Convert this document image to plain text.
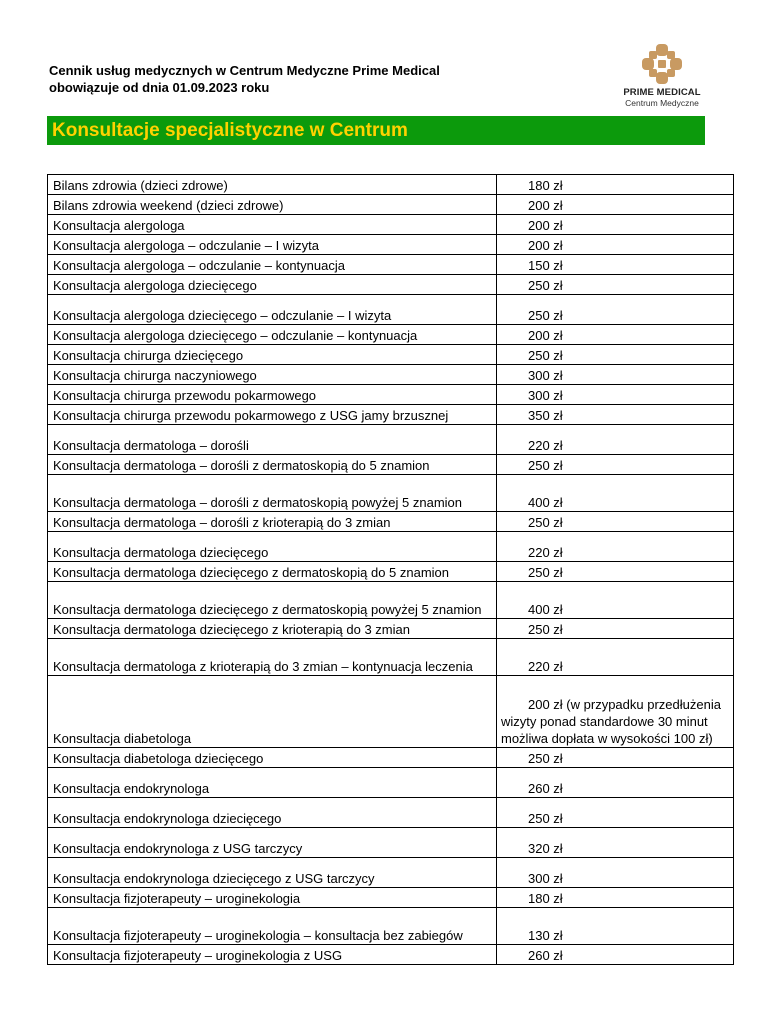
Cennik usług medycznych w Centrum Medyczne Prime Medical
obowiązuje od dnia 01.09.2023 roku	PRIME MEDICAL
Centrum Medyczne
Konsultacje specjalistyczne w Centrum
Bilans zdrowia (dzieci zdrowe)	180 zł
Bilans zdrowia weekend (dzieci zdrowe)	200 zł
Konsultacja alergologa	200 zł
Konsultacja alergologa – odczulanie – I wizyta	200 zł
Konsultacja alergologa – odczulanie – kontynuacja	150 zł
Konsultacja alergologa dziecięcego	250 zł
Konsultacja alergologa dziecięcego – odczulanie – I wizyta	250 zł
Konsultacja alergologa dziecięcego – odczulanie – kontynuacja	200 zł
Konsultacja chirurga dziecięcego	250 zł
Konsultacja chirurga naczyniowego	300 zł
Konsultacja chirurga przewodu pokarmowego	300 zł
Konsultacja chirurga przewodu pokarmowego z USG jamy brzusznej	350 zł
Konsultacja dermatologa – dorośli	220 zł
Konsultacja dermatologa – dorośli z dermatoskopią do 5 znamion	250 zł
Konsultacja dermatologa – dorośli z dermatoskopią powyżej 5 znamion	400 zł
Konsultacja dermatologa – dorośli z krioterapią do 3 zmian	250 zł
Konsultacja dermatologa dziecięcego	220 zł
Konsultacja dermatologa dziecięcego z dermatoskopią do 5 znamion	250 zł
Konsultacja dermatologa dziecięcego z dermatoskopią powyżej 5 znamion	400 zł
Konsultacja dermatologa dziecięcego z krioterapią do 3 zmian	250 zł
Konsultacja dermatologa z krioterapią do 3 zmian – kontynuacja leczenia	220 zł
Konsultacja diabetologa	200 zł (w przypadku przedłużenia wizyty ponad standardowe 30 minut możliwa dopłata w wysokości 100 zł)
Konsultacja diabetologa dziecięcego	250 zł
Konsultacja endokrynologa	260 zł
Konsultacja endokrynologa dziecięcego	250 zł
Konsultacja endokrynologa z USG tarczycy	320 zł
Konsultacja endokrynologa dziecięcego z USG tarczycy	300 zł
Konsultacja fizjoterapeuty – uroginekologia	180 zł
Konsultacja fizjoterapeuty – uroginekologia – konsultacja bez zabiegów	130 zł
Konsultacja fizjoterapeuty – uroginekologia z USG	260 zł
